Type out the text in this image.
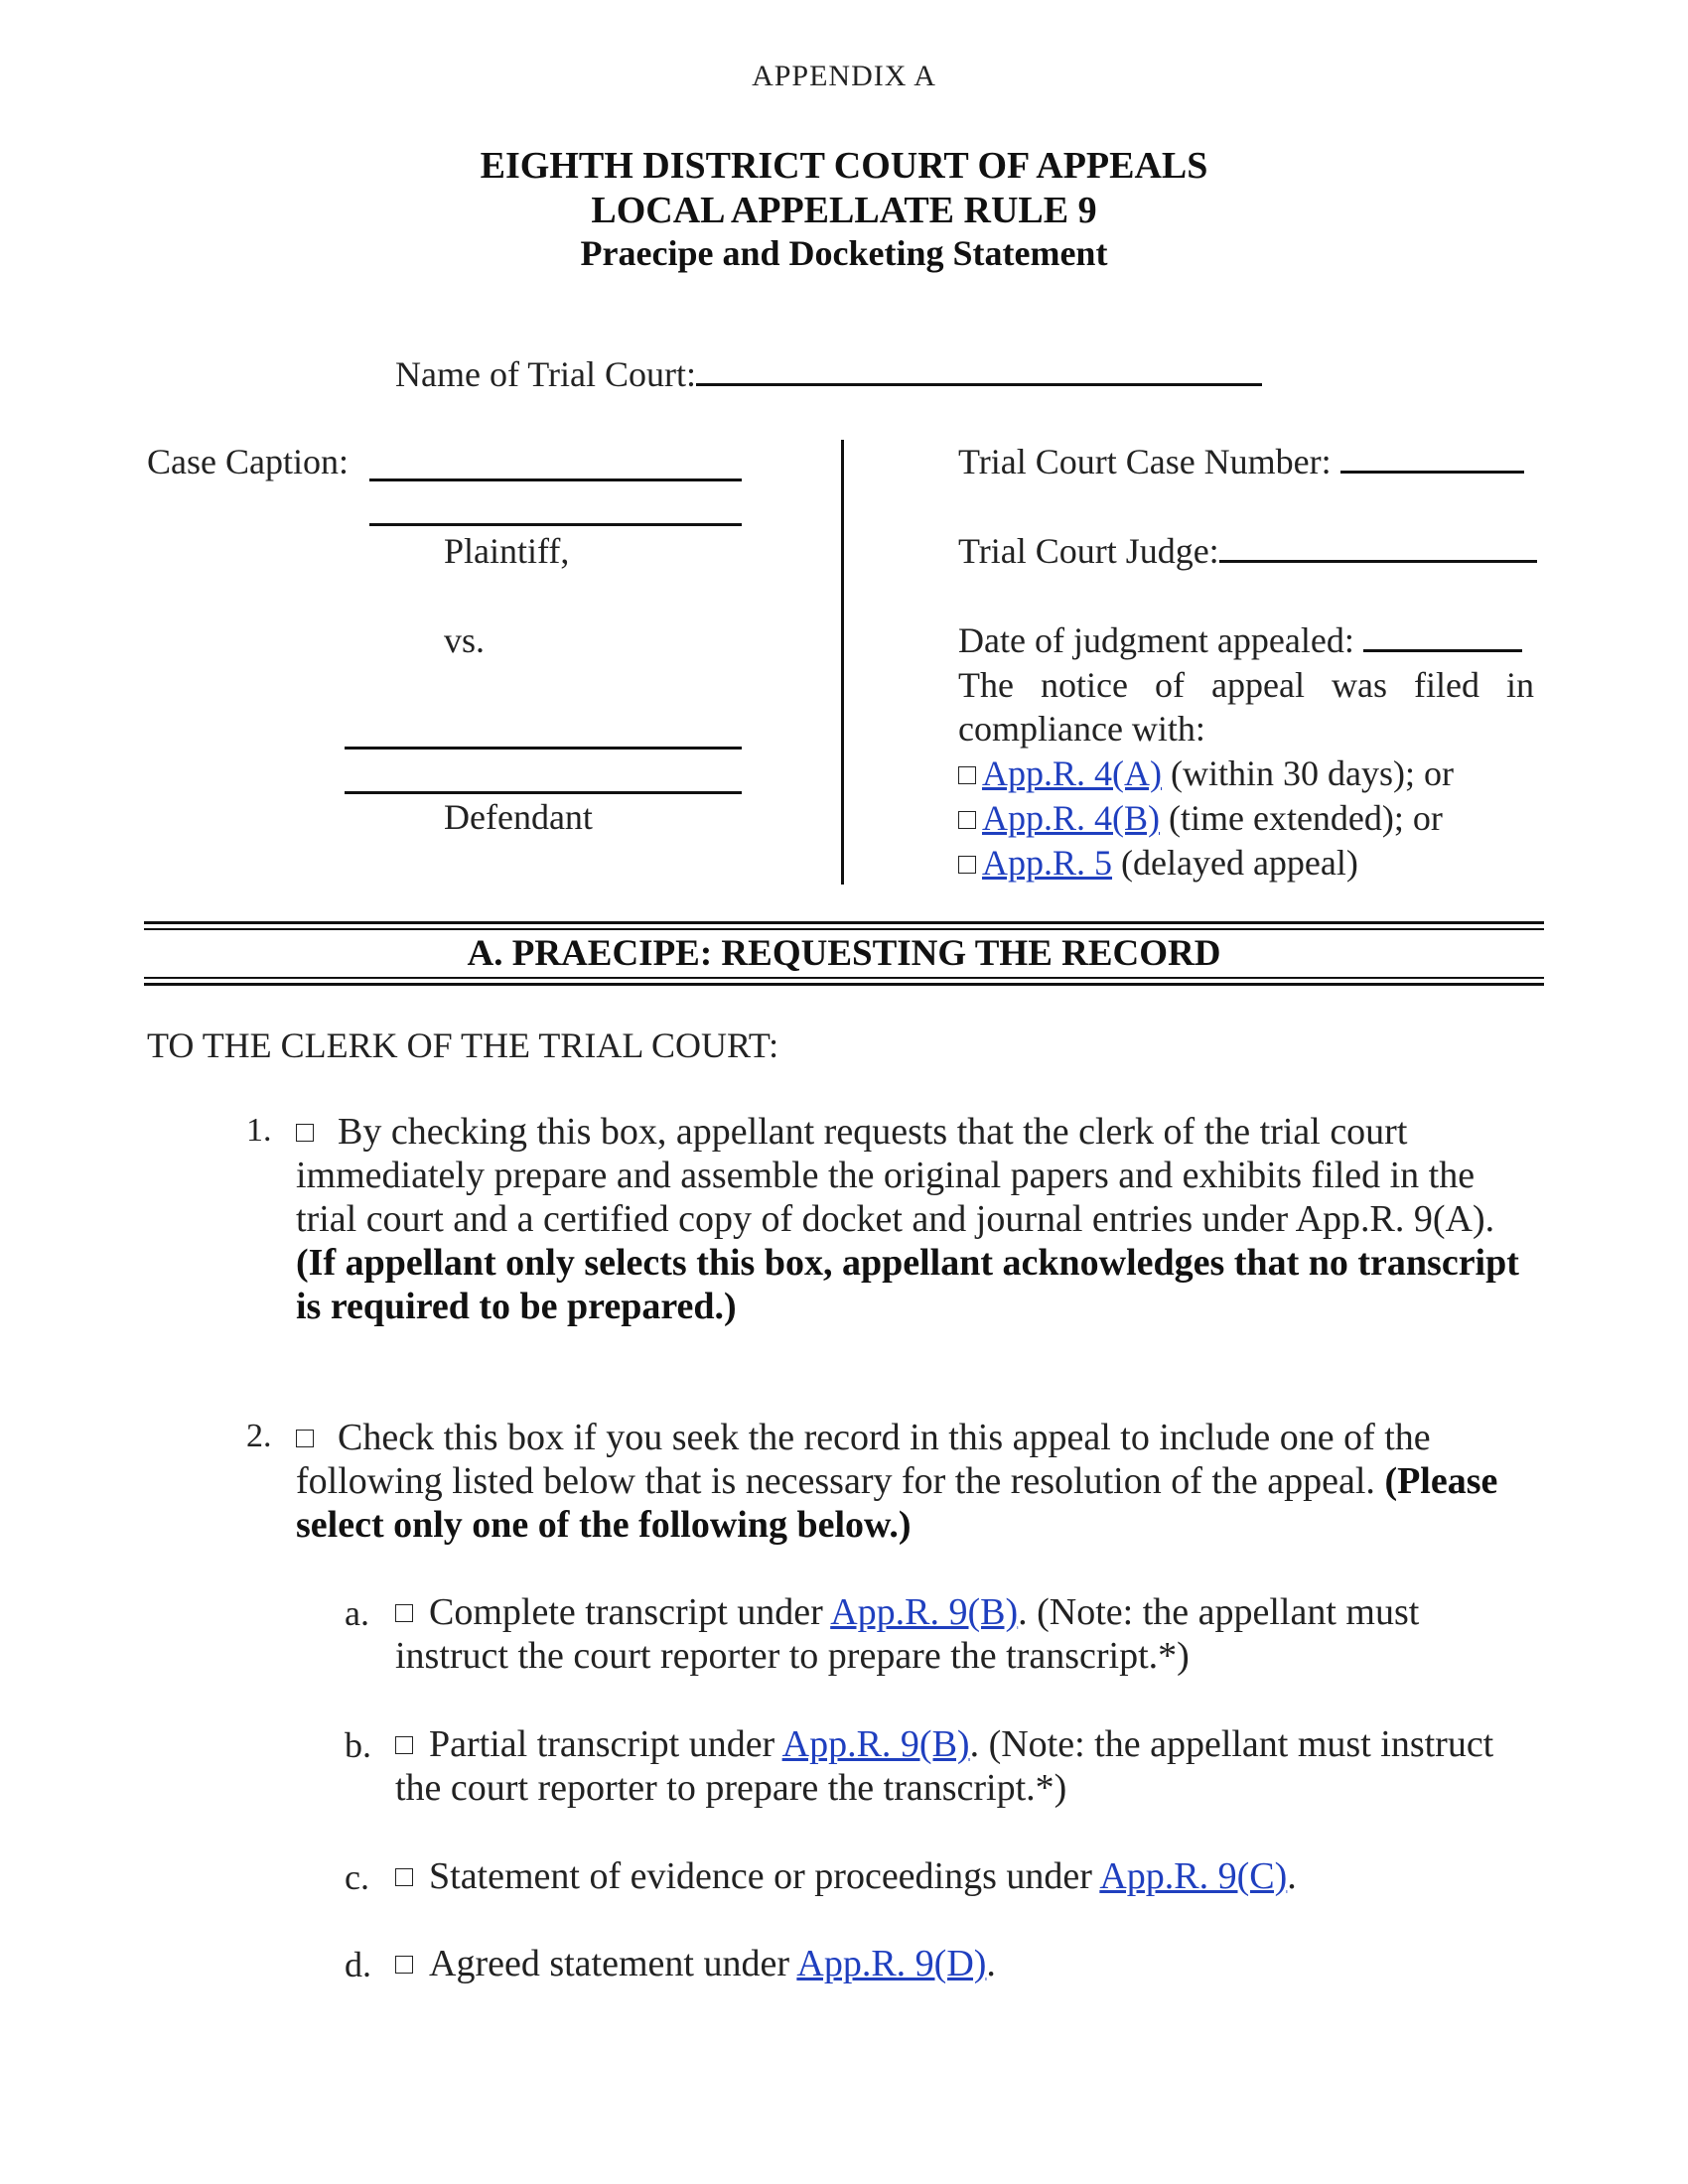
APPENDIX A
EIGHTH DISTRICT COURT OF APPEALS
LOCAL APPELLATE RULE 9
Praecipe and Docketing Statement
Name of Trial Court:
Case Caption:
Plaintiff,
vs.
Defendant
Trial Court Case Number:
Trial Court Judge:
Date of judgment appealed:
The notice of appeal was filed in
compliance with:
App.R. 4(A) (within 30 days); or
App.R. 4(B) (time extended); or
App.R. 5 (delayed appeal)
A. PRAECIPE: REQUESTING THE RECORD
TO THE CLERK OF THE TRIAL COURT:
1.	By checking this box, appellant requests that the clerk of the trial court immediately prepare and assemble the original papers and exhibits filed in the trial court and a certified copy of docket and journal entries under App.R. 9(A). (If appellant only selects this box, appellant acknowledges that no transcript is required to be prepared.)
2.	Check this box if you seek the record in this appeal to include one of the following listed below that is necessary for the resolution of the appeal. (Please select only one of the following below.)
a.	Complete transcript under App.R. 9(B). (Note: the appellant must instruct the court reporter to prepare the transcript.*)
b.	Partial transcript under App.R. 9(B). (Note: the appellant must instruct the court reporter to prepare the transcript.*)
c.	Statement of evidence or proceedings under App.R. 9(C).
d.	Agreed statement under App.R. 9(D).
